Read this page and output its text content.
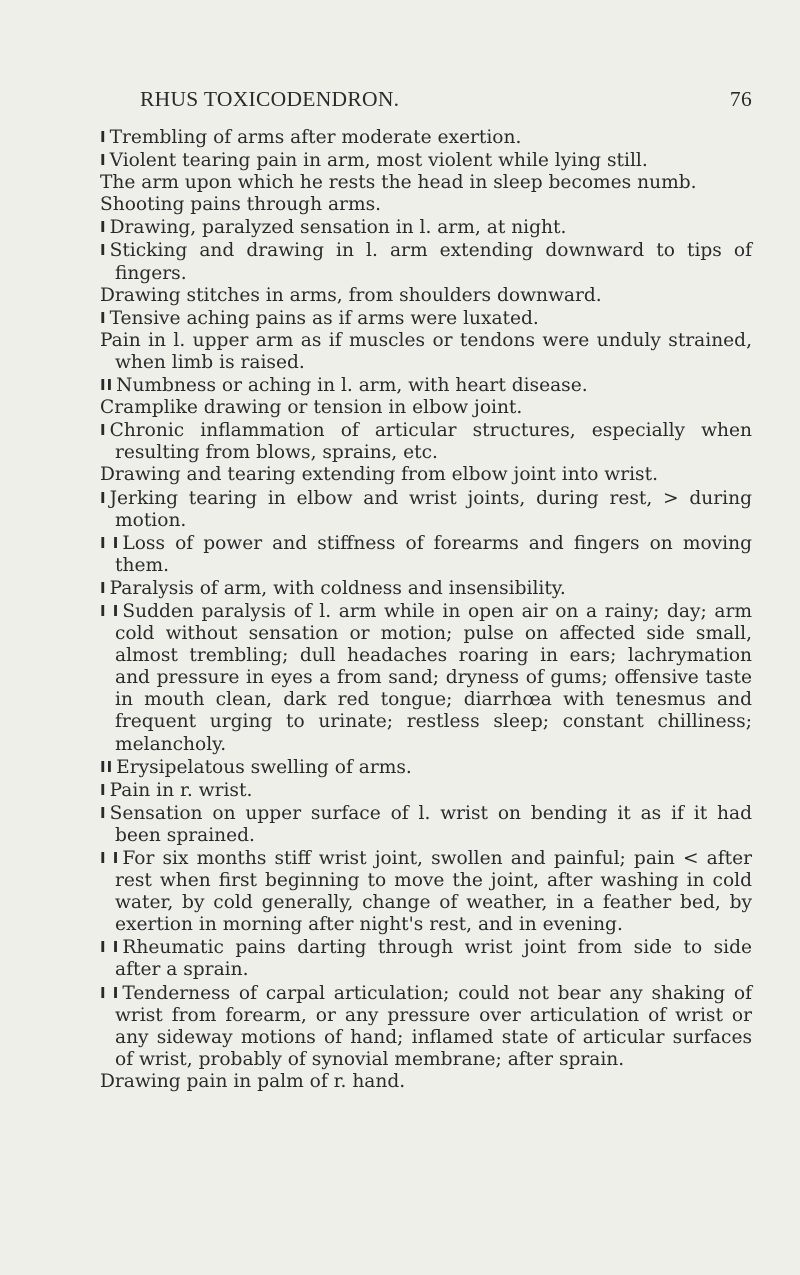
RHUS TOXICODENDRON.	76

I Trembling of arms after moderate exertion.

I Violent tearing pain in arm, most violent while lying still.

The arm upon which he rests the head in sleep becomes numb.

Shooting pains through arms.

I Drawing, paralyzed sensation in l. arm, at night.

I Sticking and drawing in l. arm extending downward to tips of fingers.

Drawing stitches in arms, from shoulders downward.

I Tensive aching pains as if arms were luxated.

Pain in l. upper arm as if muscles or tendons were unduly strained, when limb is raised.

II Numbness or aching in l. arm, with heart disease.

Cramplike drawing or tension in elbow joint.

I Chronic inflammation of articular structures, especially when resulting from blows, sprains, etc.

Drawing and tearing extending from elbow joint into wrist.

I Jerking tearing in elbow and wrist joints, during rest, > during motion.

I I Loss of power and stiffness of forearms and fingers on moving them.

I Paralysis of arm, with coldness and insensibility.

I I Sudden paralysis of l. arm while in open air on a rainy; day; arm cold without sensation or motion; pulse on affected side small, almost trembling; dull headaches roaring in ears; lachrymation and pressure in eyes a from sand; dryness of gums; offensive taste in mouth clean, dark red tongue; diarrhœa with tenesmus and frequent urging to urinate; restless sleep; constant chilliness; melancholy.

II Erysipelatous swelling of arms.

I Pain in r. wrist.

I Sensation on upper surface of l. wrist on bending it as if it had been sprained.

I I For six months stiff wrist joint, swollen and painful; pain < after rest when first beginning to move the joint, after washing in cold water, by cold generally, change of weather, in a feather bed, by exertion in morning after night's rest, and in evening.

I I Rheumatic pains darting through wrist joint from side to side after a sprain.

I I Tenderness of carpal articulation; could not bear any shaking of wrist from forearm, or any pressure over articulation of wrist or any sideway motions of hand; inflamed state of articular surfaces of wrist, probably of synovial membrane; after sprain.

Drawing pain in palm of r. hand.
